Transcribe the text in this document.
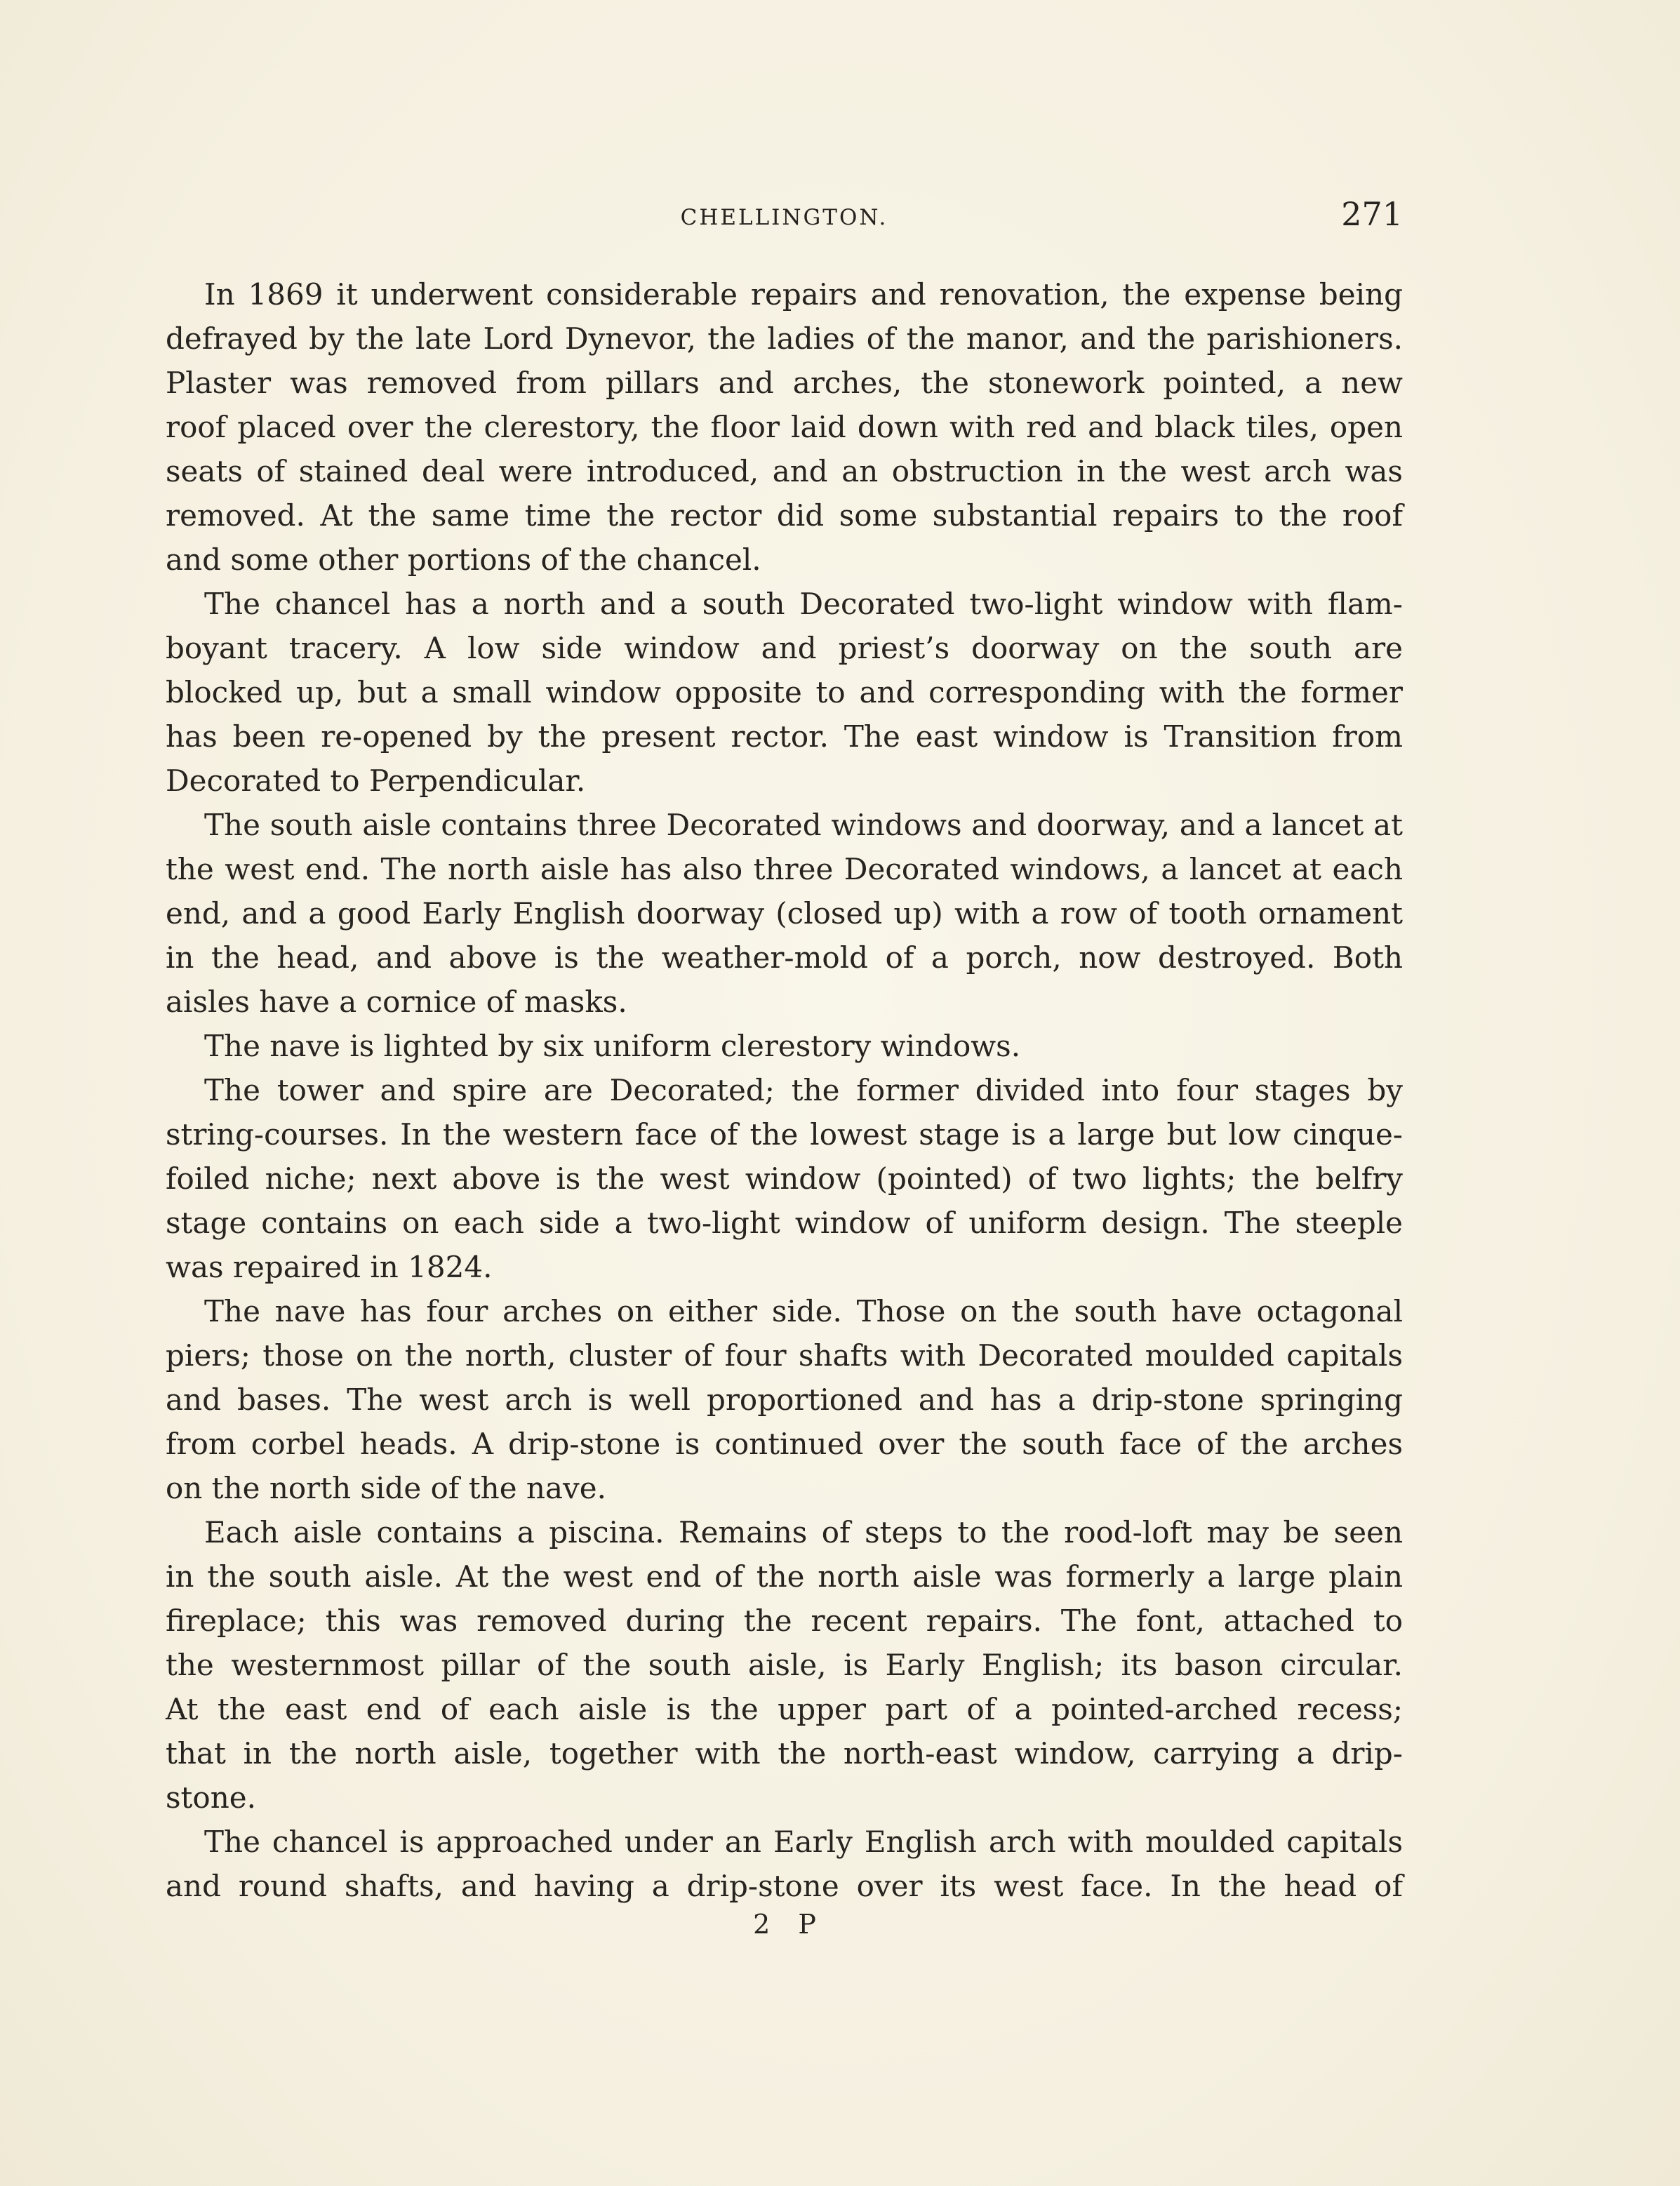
CHELLINGTON.	271
In 1869 it underwent considerable repairs and renovation, the expense being
defrayed by the late Lord Dynevor, the ladies of the manor, and the parishioners.
Plaster was removed from pillars and arches, the stonework pointed, a new
roof placed over the clerestory, the floor laid down with red and black tiles, open
seats of stained deal were introduced, and an obstruction in the west arch was
removed. At the same time the rector did some substantial repairs to the roof
and some other portions of the chancel.
The chancel has a north and a south Decorated two-light window with flam-
boyant tracery. A low side window and priest’s doorway on the south are
blocked up, but a small window opposite to and corresponding with the former
has been re-opened by the present rector. The east window is Transition from
Decorated to Perpendicular.
The south aisle contains three Decorated windows and doorway, and a lancet at
the west end. The north aisle has also three Decorated windows, a lancet at each
end, and a good Early English doorway (closed up) with a row of tooth ornament
in the head, and above is the weather-mold of a porch, now destroyed. Both
aisles have a cornice of masks.
The nave is lighted by six uniform clerestory windows.
The tower and spire are Decorated; the former divided into four stages by
string-courses. In the western face of the lowest stage is a large but low cinque-
foiled niche; next above is the west window (pointed) of two lights; the belfry
stage contains on each side a two-light window of uniform design. The steeple
was repaired in 1824.
The nave has four arches on either side. Those on the south have octagonal
piers; those on the north, cluster of four shafts with Decorated moulded capitals
and bases. The west arch is well proportioned and has a drip-stone springing
from corbel heads. A drip-stone is continued over the south face of the arches
on the north side of the nave.
Each aisle contains a piscina. Remains of steps to the rood-loft may be seen
in the south aisle. At the west end of the north aisle was formerly a large plain
fireplace; this was removed during the recent repairs. The font, attached to
the westernmost pillar of the south aisle, is Early English; its bason circular.
At the east end of each aisle is the upper part of a pointed-arched recess;
that in the north aisle, together with the north-east window, carrying a drip-
stone.
The chancel is approached under an Early English arch with moulded capitals
and round shafts, and having a drip-stone over its west face. In the head of
2 P
